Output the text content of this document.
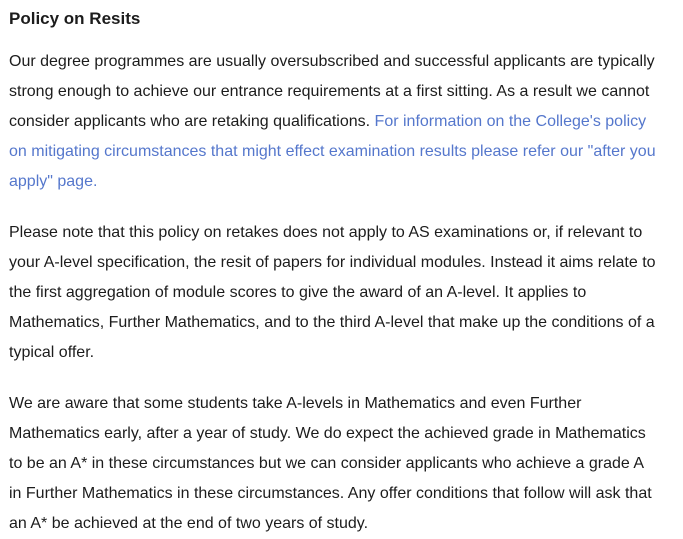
Policy on Resits

Our degree programmes are usually oversubscribed and successful applicants are typically strong enough to achieve our entrance requirements at a first sitting. As a result we cannot consider applicants who are retaking qualifications. For information on the College's policy on mitigating circumstances that might effect examination results please refer our "after you apply" page.

Please note that this policy on retakes does not apply to AS examinations or, if relevant to your A-level specification, the resit of papers for individual modules. Instead it aims relate to the first aggregation of module scores to give the award of an A-level. It applies to Mathematics, Further Mathematics, and to the third A-level that make up the conditions of a typical offer.

We are aware that some students take A-levels in Mathematics and even Further Mathematics early, after a year of study. We do expect the achieved grade in Mathematics to be an A* in these circumstances but we can consider applicants who achieve a grade A in Further Mathematics in these circumstances. Any offer conditions that follow will ask that an A* be achieved at the end of two years of study.
